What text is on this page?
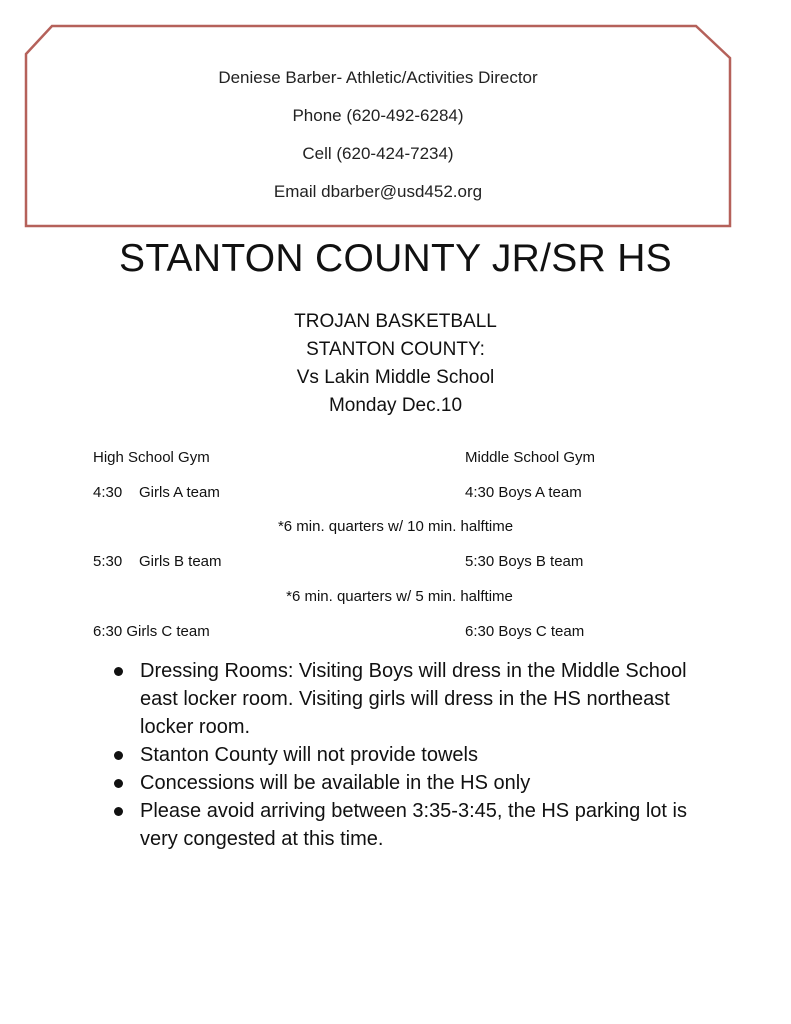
Deniese Barber- Athletic/Activities Director
Phone (620-492-6284)
Cell (620-424-7234)
Email dbarber@usd452.org
STANTON COUNTY JR/SR HS
TROJAN BASKETBALL
STANTON COUNTY:
Vs Lakin Middle School
Monday Dec.10
High School Gym	Middle School Gym
4:30 Girls A team	4:30 Boys A team
*6 min. quarters w/ 10 min. halftime
5:30 Girls B team	5:30 Boys B team
*6 min. quarters w/ 5 min. halftime
6:30 Girls C team	6:30 Boys C team
Dressing Rooms: Visiting Boys will dress in the Middle School east locker room. Visiting girls will dress in the HS northeast locker room.
Stanton County will not provide towels
Concessions will be available in the HS only
Please avoid arriving between 3:35-3:45, the HS parking lot is very congested at this time.
